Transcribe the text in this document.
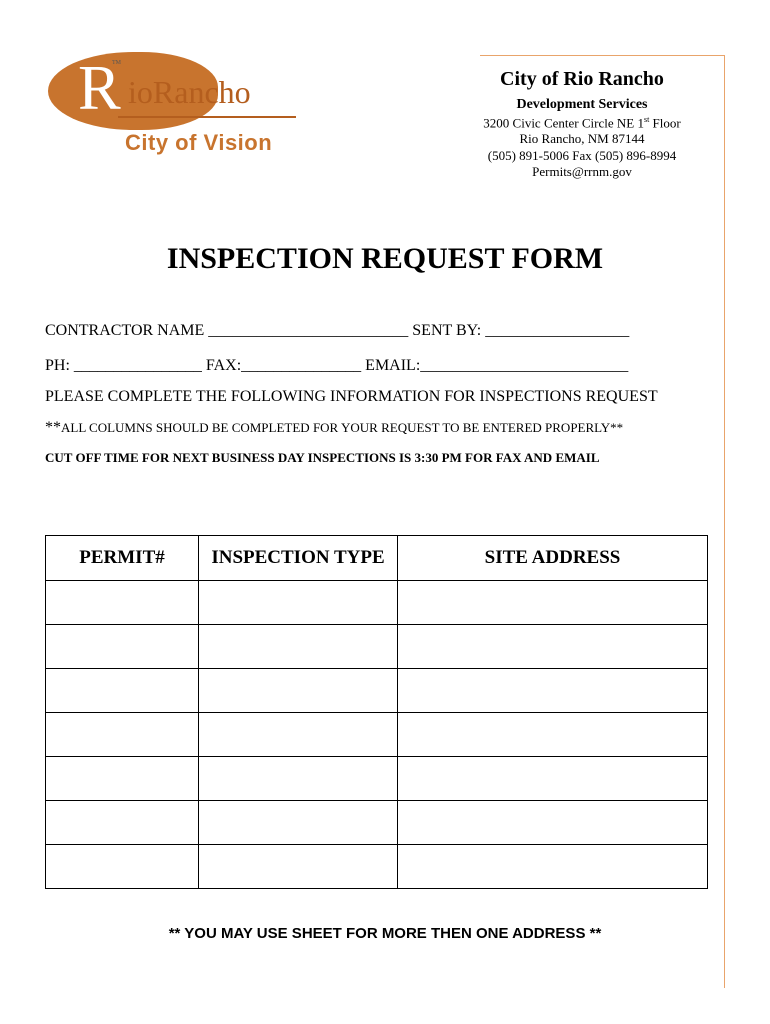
R
TM
ioRancho
City of Vision
City of Rio Rancho
Development Services
3200 Civic Center Circle NE 1st Floor
Rio Rancho, NM 87144
(505) 891-5006 Fax (505) 896-8994
Permits@rrnm.gov
INSPECTION REQUEST FORM
CONTRACTOR NAME _________________________ SENT BY: __________________
PH: ________________ FAX:_______________ EMAIL:__________________________
PLEASE COMPLETE THE FOLLOWING INFORMATION FOR INSPECTIONS REQUEST
**ALL COLUMNS SHOULD BE COMPLETED FOR YOUR REQUEST TO BE ENTERED PROPERLY**
CUT OFF TIME FOR NEXT BUSINESS DAY INSPECTIONS IS 3:30 PM FOR FAX AND EMAIL
PERMIT#	INSPECTION TYPE	SITE ADDRESS

** YOU MAY USE SHEET FOR MORE THEN ONE ADDRESS **
